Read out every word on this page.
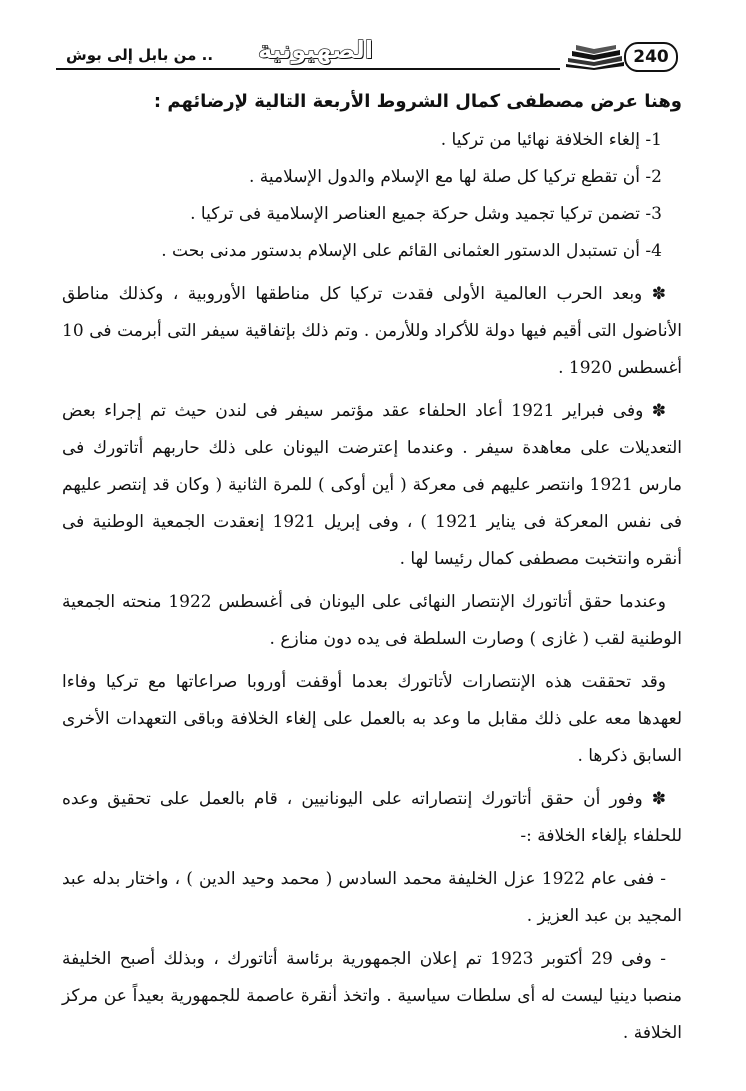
.. من بابل إلى بوش الصهيونية	240
وهنا عرض مصطفى كمال الشروط الأربعة التالية لإرضائهم :

1- إلغاء الخلافة نهائيا من تركيا .

2- أن تقطع تركيا كل صلة لها مع الإسلام والدول الإسلامية .

3- تضمن تركيا تجميد وشل حركة جميع العناصر الإسلامية فى تركيا .

4- أن تستبدل الدستور العثمانى القائم على الإسلام بدستور مدنى بحت .

✽ وبعد الحرب العالمية الأولى فقدت تركيا كل مناطقها الأوروبية ، وكذلك مناطق الأناضول التى أقيم فيها دولة للأكراد وللأرمن . وتم ذلك بإتفاقية سيفر التى أبرمت فى 10 أغسطس 1920 .

✽ وفى فبراير 1921 أعاد الحلفاء عقد مؤتمر سيفر فى لندن حيث تم إجراء بعض التعديلات على معاهدة سيفر . وعندما إعترضت اليونان على ذلك حاربهم أتاتورك فى مارس 1921 وانتصر عليهم فى معركة ( أين أوكى ) للمرة الثانية ( وكان قد إنتصر عليهم فى نفس المعركة فى يناير 1921 ) ، وفى إبريل 1921 إنعقدت الجمعية الوطنية فى أنقره وانتخبت مصطفى كمال رئيسا لها .

وعندما حقق أتاتورك الإنتصار النهائى على اليونان فى أغسطس 1922 منحته الجمعية الوطنية لقب ( غازى ) وصارت السلطة فى يده دون منازع .

وقد تحققت هذه الإنتصارات لأتاتورك بعدما أوقفت أوروبا صراعاتها مع تركيا وفاءا لعهدها معه على ذلك مقابل ما وعد به بالعمل على إلغاء الخلافة وباقى التعهدات الأخرى السابق ذكرها .

✽ وفور أن حقق أتاتورك إنتصاراته على اليونانيين ، قام بالعمل على تحقيق وعده للحلفاء بإلغاء الخلافة :-

- ففى عام 1922 عزل الخليفة محمد السادس ( محمد وحيد الدين ) ، واختار بدله عبد المجيد بن عبد العزيز .

- وفى 29 أكتوبر 1923 تم إعلان الجمهورية برئاسة أتاتورك ، وبذلك أصبح الخليفة منصبا دينيا ليست له أى سلطات سياسية . واتخذ أنقرة عاصمة للجمهورية بعيداً عن مركز الخلافة .
